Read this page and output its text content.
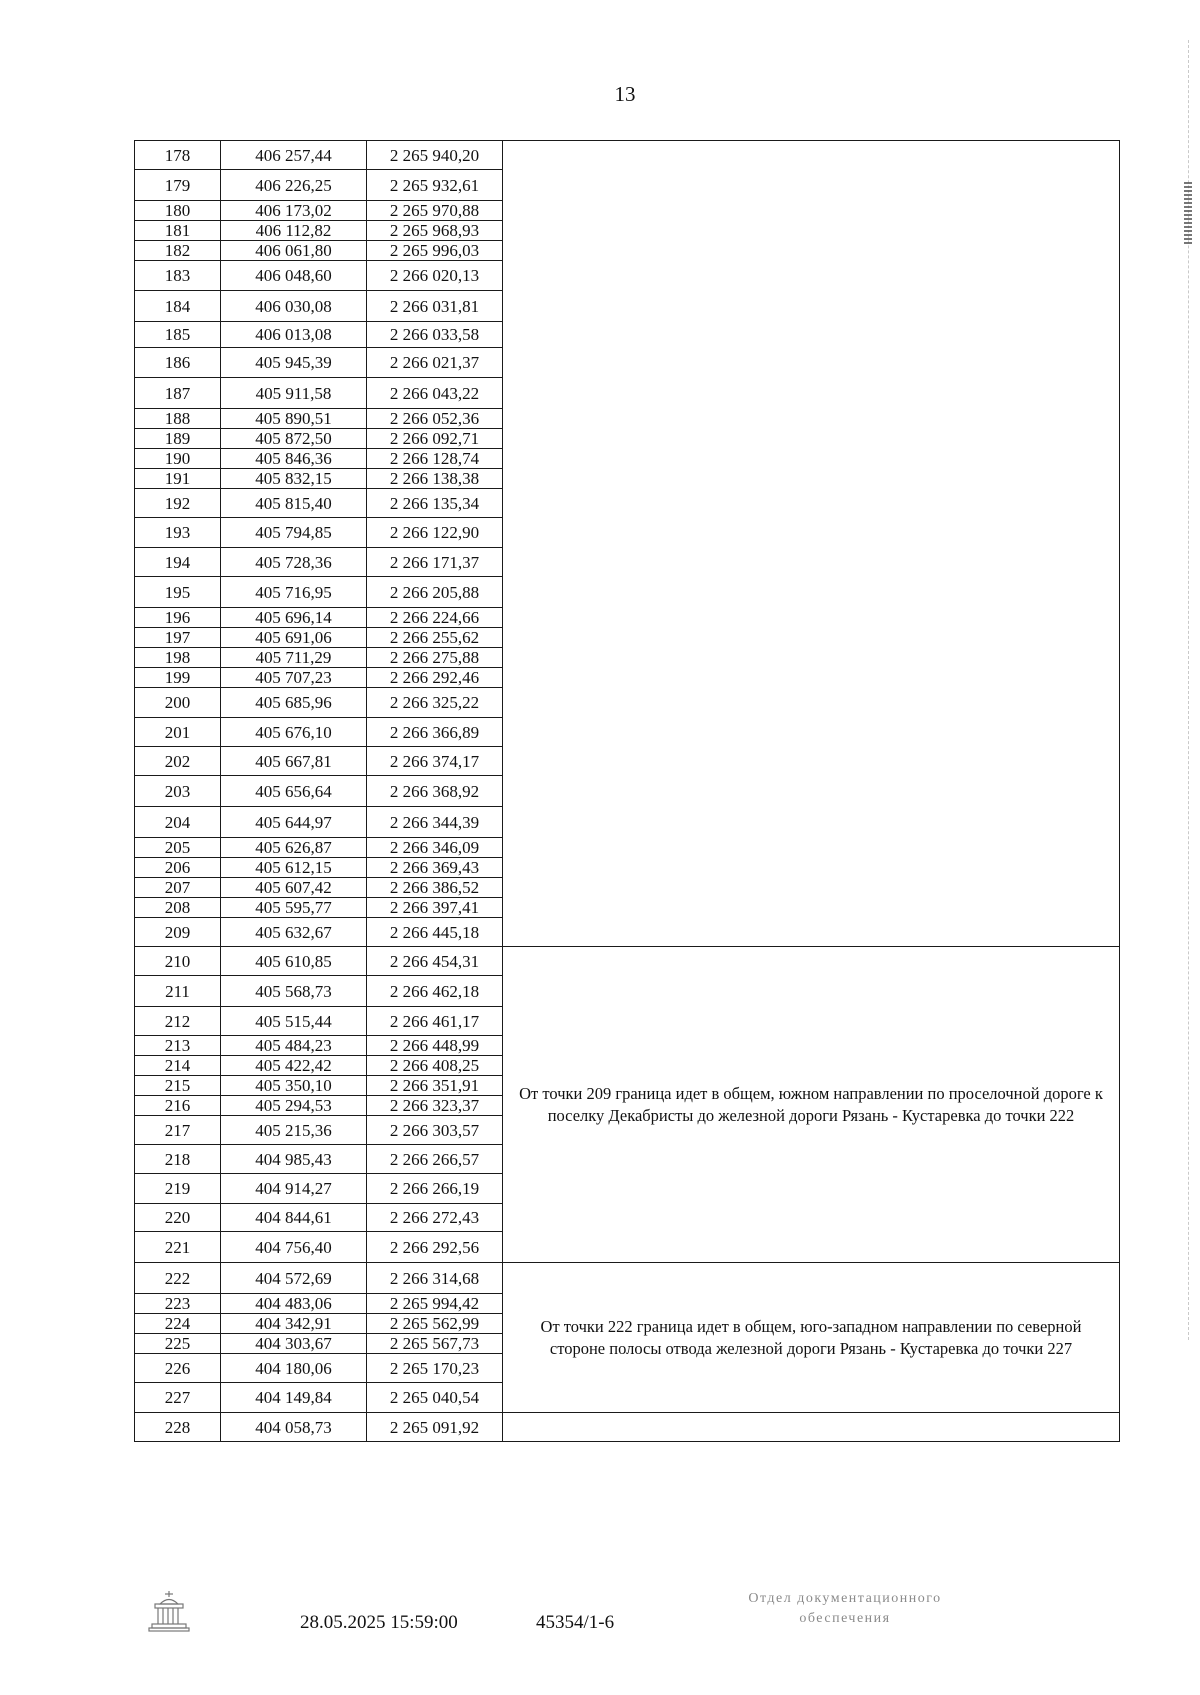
13
178	406 257,44	2 265 940,20	
179	406 226,25	2 265 932,61	
180	406 173,02	2 265 970,88	
181	406 112,82	2 265 968,93	
182	406 061,80	2 265 996,03	
183	406 048,60	2 266 020,13	
184	406 030,08	2 266 031,81	
185	406 013,08	2 266 033,58	
186	405 945,39	2 266 021,37	
187	405 911,58	2 266 043,22	
188	405 890,51	2 266 052,36	
189	405 872,50	2 266 092,71	
190	405 846,36	2 266 128,74	
191	405 832,15	2 266 138,38	
192	405 815,40	2 266 135,34	
193	405 794,85	2 266 122,90	
194	405 728,36	2 266 171,37	
195	405 716,95	2 266 205,88	
196	405 696,14	2 266 224,66	
197	405 691,06	2 266 255,62	
198	405 711,29	2 266 275,88	
199	405 707,23	2 266 292,46	
200	405 685,96	2 266 325,22	
201	405 676,10	2 266 366,89	
202	405 667,81	2 266 374,17	
203	405 656,64	2 266 368,92	
204	405 644,97	2 266 344,39	
205	405 626,87	2 266 346,09	
206	405 612,15	2 266 369,43	
207	405 607,42	2 266 386,52	
208	405 595,77	2 266 397,41	
209	405 632,67	2 266 445,18	
210	405 610,85	2 266 454,31	От точки 209 граница идет в общем, южном направлении по проселочной дороге к поселку Декабристы до железной дороги Рязань - Кустаревка до точки 222
211	405 568,73	2 266 462,18	
212	405 515,44	2 266 461,17	
213	405 484,23	2 266 448,99	
214	405 422,42	2 266 408,25	
215	405 350,10	2 266 351,91	
216	405 294,53	2 266 323,37	
217	405 215,36	2 266 303,57	
218	404 985,43	2 266 266,57	
219	404 914,27	2 266 266,19	
220	404 844,61	2 266 272,43	
221	404 756,40	2 266 292,56	
222	404 572,69	2 266 314,68	От точки 222 граница идет в общем, юго-западном направлении по северной стороне полосы отвода железной дороги Рязань - Кустаревка до точки 227
223	404 483,06	2 265 994,42	
224	404 342,91	2 265 562,99	
225	404 303,67	2 265 567,73	
226	404 180,06	2 265 170,23	
227	404 149,84	2 265 040,54	
228	404 058,73	2 265 091,92	
28.05.2025 15:59:00	45354/1-6
Отдел документационного
обеспечения
